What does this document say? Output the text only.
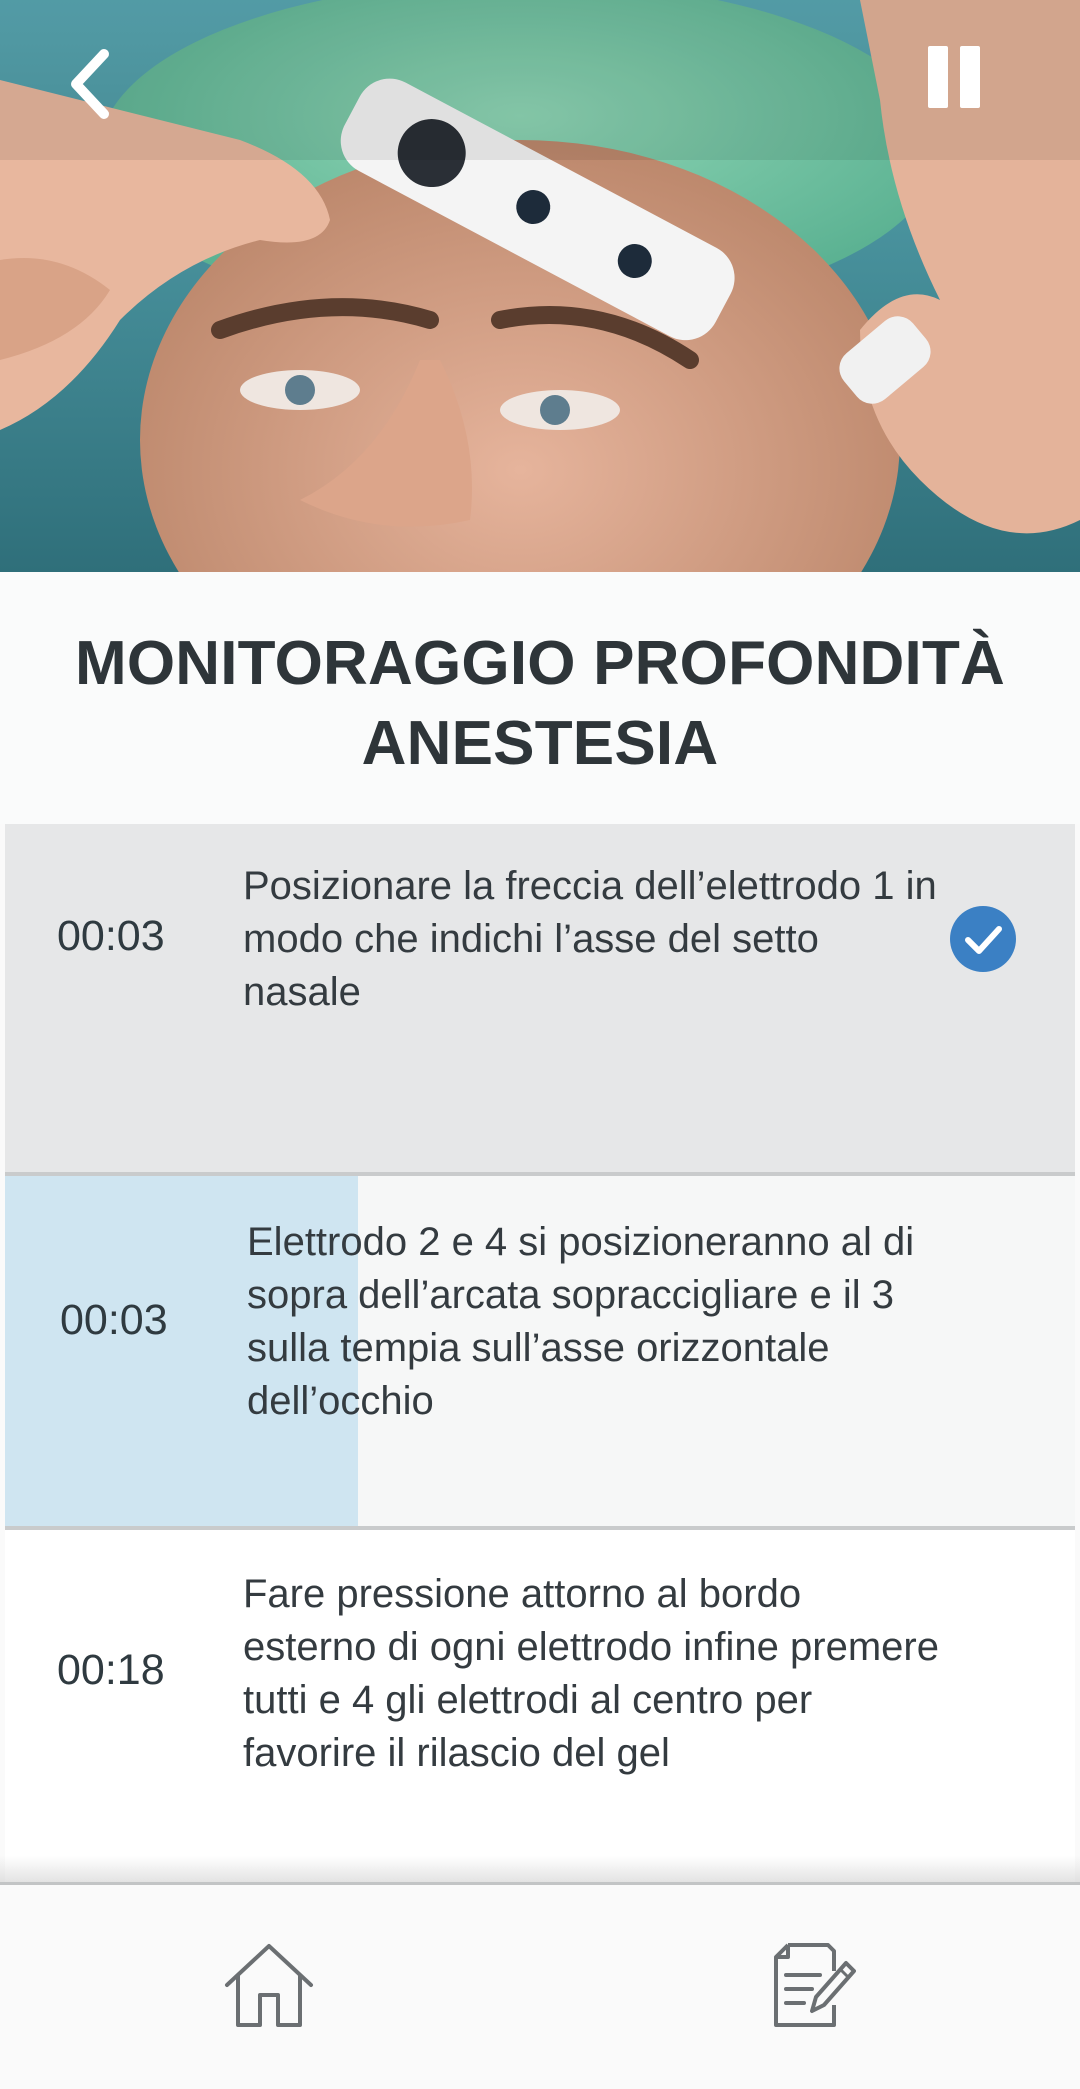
MONITORAGGIO PROFONDITÀ ANESTESIA
00:03
Posizionare la freccia dell’elettrodo 1 in modo che indichi l’asse del setto nasale
00:03
Elettrodo 2 e 4 si posizioneranno al di sopra dell’arcata sopraccigliare e il 3 sulla tempia sull’asse orizzontale dell’occhio
00:18
Fare pressione attorno al bordo esterno di ogni elettrodo infine premere tutti e 4 gli elettrodi al centro per favorire il rilascio del gel
